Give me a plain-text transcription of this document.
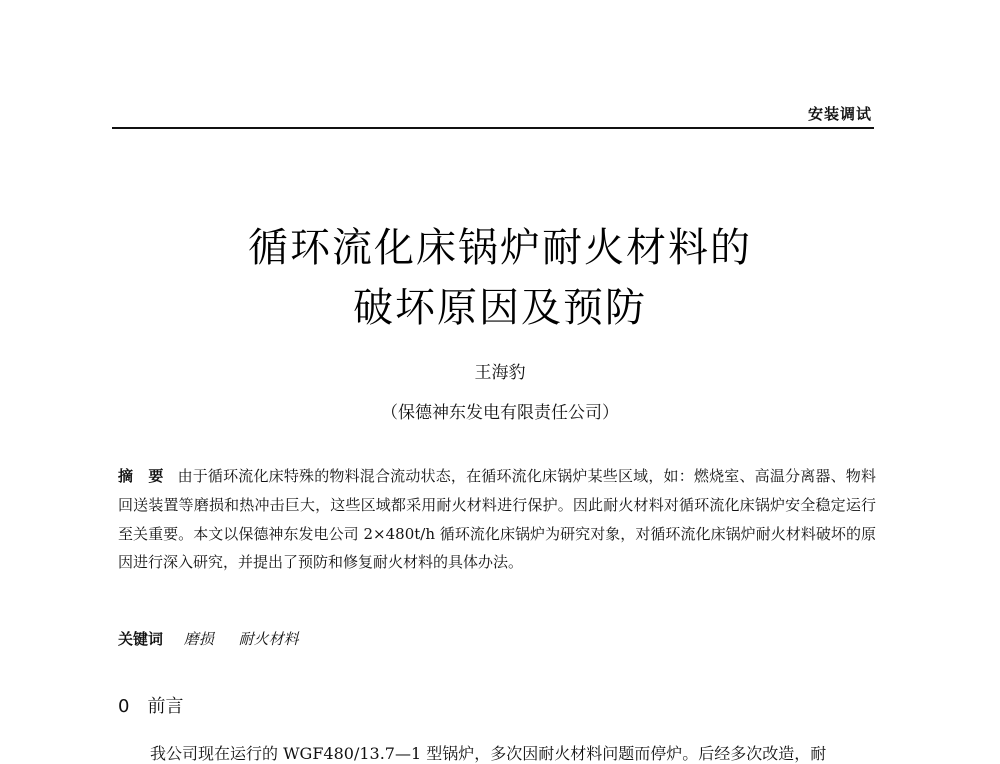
安装调试
循环流化床锅炉耐火材料的
破坏原因及预防
王海豹
（保德神东发电有限责任公司）
摘　要 由于循环流化床特殊的物料混合流动状态，在循环流化床锅炉某些区域，如：燃烧室、高温分离器、物料回送装置等磨损和热冲击巨大，这些区域都采用耐火材料进行保护。因此耐火材料对循环流化床锅炉安全稳定运行至关重要。本文以保德神东发电公司 2×480t/h 循环流化床锅炉为研究对象，对循环流化床锅炉耐火材料破坏的原因进行深入研究，并提出了预防和修复耐火材料的具体办法。
关键词 磨损 耐火材料
0 前言
我公司现在运行的 WGF480/13.7—1 型锅炉，多次因耐火材料问题而停炉。后经多次改造，耐
